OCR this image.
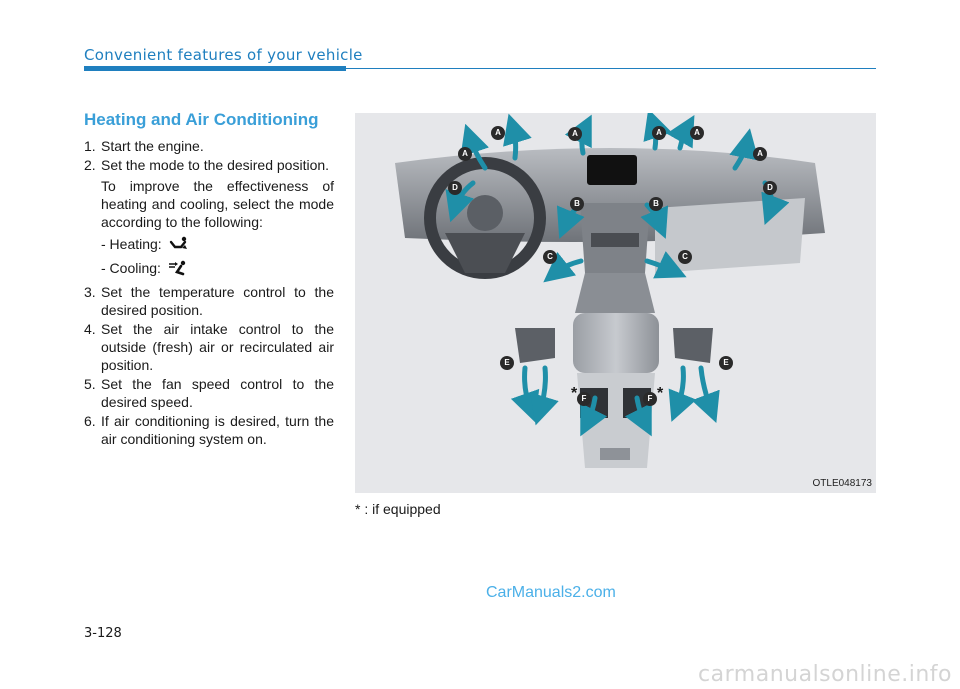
Convenient features of your vehicle
Heating and Air Conditioning
1. Start the engine.
2. Set the mode to the desired position.
To improve the effectiveness of heating and cooling, select the mode according to the following:
- Heating:
- Cooling:
3. Set the temperature control to the desired position.
4. Set the air intake control to the outside (fresh) air or recirculated air position.
5. Set the fan speed control to the desired speed.
6. If air conditioning is desired, turn the air conditioning system on.
A	A	A	A
A	A
D	D
B	B
C	C
E	E
F	F
*	*
OTLE048173
* : if equipped
CarManuals2.com
3-128
carmanualsonline.info
